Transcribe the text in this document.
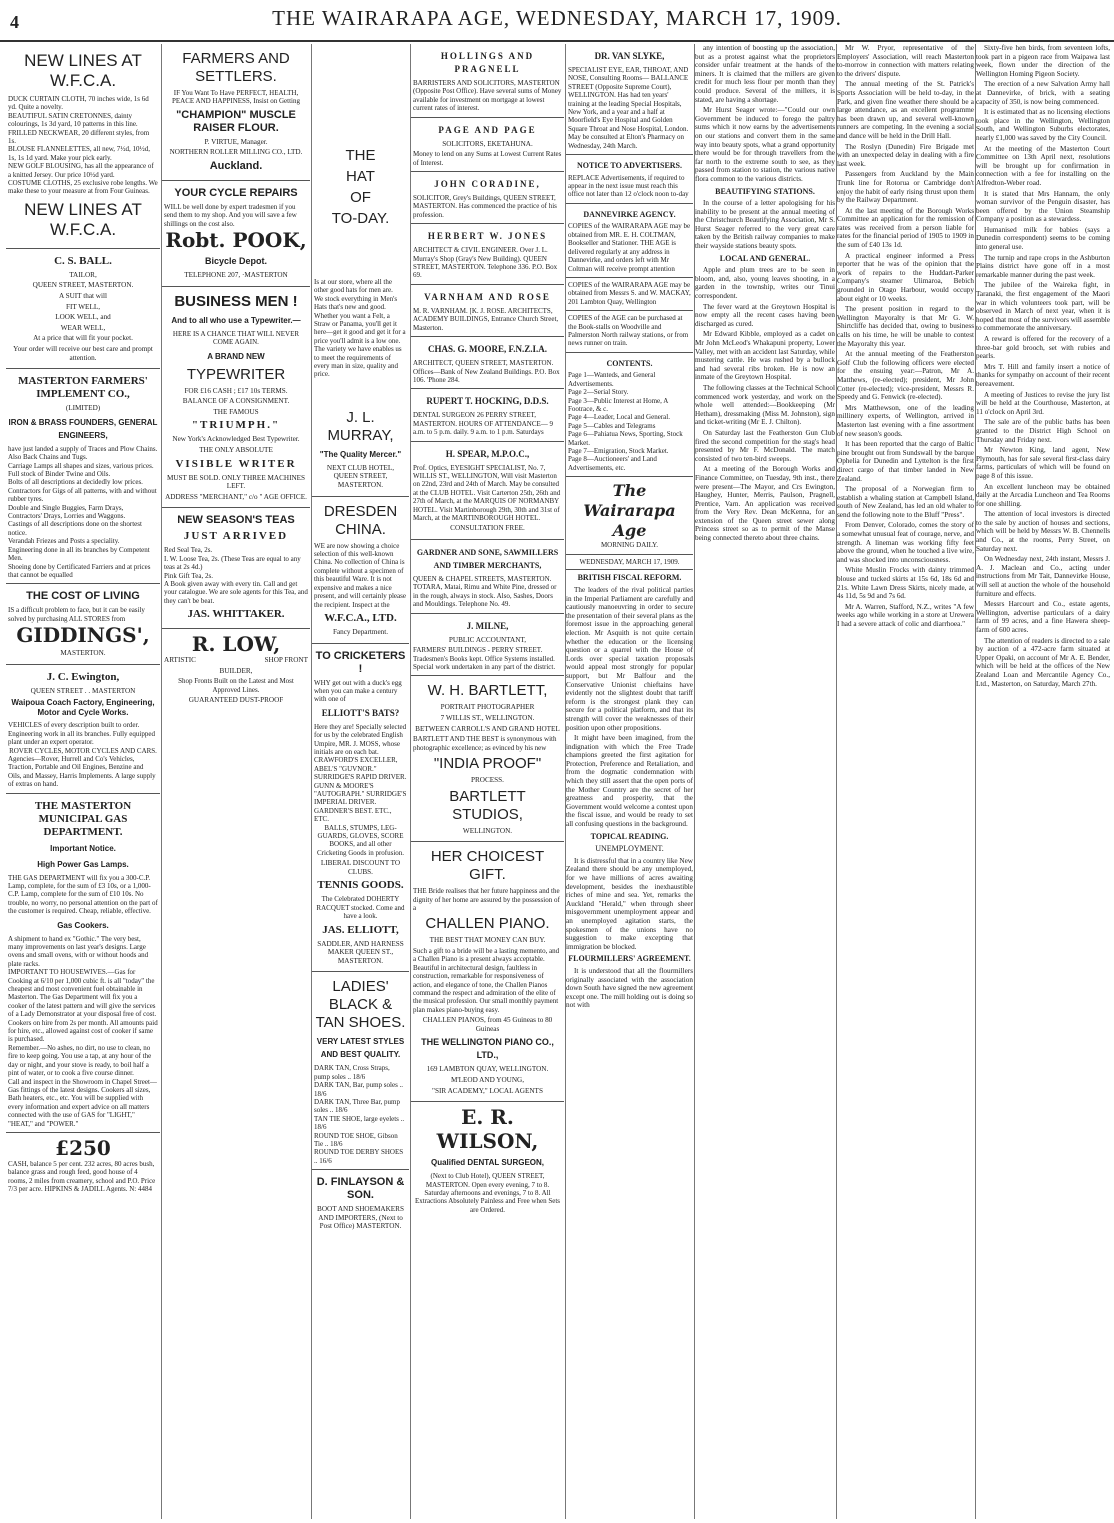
4	THE WAIRARAPA AGE, WEDNESDAY, MARCH 17, 1909.
NEW LINES AT W.F.C.A.
DUCK CURTAIN CLOTH, 70 inches wide, 1s 6d yd. Quite a novelty.
BEAUTIFUL SATIN CRETONNES, dainty colourings, 1s 3d yard, 10 patterns in this line.
FRILLED NECKWEAR, 20 different styles, from 1s.
BLOUSE FLANNELETTES, all new, 7½d, 10½d, 1s, 1s 1d yard. Make your pick early.
NEW GOLF BLOUSING, has all the appearance of a knitted Jersey. Our price 10½d yard.
COSTUME CLOTHS, 25 exclusive robe lengths. We make these to your measure at from Four Guineas.
NEW LINES AT W.F.C.A.
C. S. BALL.

TAILOR,

QUEEN STREET, MASTERTON.

A SUIT that will

FIT WELL,

LOOK WELL, and

WEAR WELL,

At a price that will fit your pocket.

Your order will receive our best care and prompt attention.

MASTERTON FARMERS' IMPLEMENT CO.,

(LIMITED)

IRON & BRASS FOUNDERS, GENERAL ENGINEERS,
have just landed a supply of Traces and Plow Chains. Also Back Chains and Tugs.
Carriage Lamps all shapes and sizes, various prices.
Full stock of Binder Twine and Oils.
Bolts of all descriptions at decidedly low prices.
Contractors for Gigs of all patterns, with and without rubber tyres.
Double and Single Buggies, Farm Drays, Contractors' Drays, Lorries and Waggons.
Castings of all descriptions done on the shortest notice.
Verandah Friezes and Posts a speciality.
Engineering done in all its branches by Competent Men.
Shoeing done by Certificated Farriers and at prices that cannot be equalled
THE COST OF LIVING
IS a difficult problem to face, but it can be easily solved by purchasing ALL STORES from
GIDDINGS',

MASTERTON.

J. C. Ewington,

QUEEN STREET . . MASTERTON

Waipoua Coach Factory, Engineering, Motor and Cycle Works.
VEHICLES of every description built to order. Engineering work in all its branches. Fully equipped plant under an expert operator.
ROVER CYCLES, MOTOR CYCLES AND CARS.
Agencies—Rover, Hurrell and Co's Vehicles, Traction, Portable and Oil Engines, Benzine and Oils, and Massey, Harris Implements. A large supply of extras on hand.
THE MASTERTON MUNICIPAL GAS DEPARTMENT.
Important Notice.
High Power Gas Lamps.
THE GAS DEPARTMENT will fix you a 300-C.P. Lamp, complete, for the sum of £3 10s, or a 1,000-C.P. Lamp, complete for the sum of £10 10s. No trouble, no worry, no personal attention on the part of the customer is required. Cheap, reliable, effective.
Gas Cookers.
A shipment to hand ex "Gothic." The very best, many improvements on last year's designs. Large ovens and small ovens, with or without hoods and plate racks.
IMPORTANT TO HOUSEWIVES.—Gas for Cooking at 6/10 per 1,000 cubic ft. is all "today" the cheapest and most convenient fuel obtainable in Masterton. The Gas Department will fix you a cooker of the latest pattern and will give the services of a Lady Demonstrator at your disposal free of cost. Cookers on hire from 2s per month. All amounts paid for hire, etc., allowed against cost of cooker if same is purchased.
Remember.—No ashes, no dirt, no use to clean, no fire to keep going. You use a tap, at any hour of the day or night, and your stove is ready, to boil half a pint of water, or to cook a five course dinner.
Call and inspect in the Showroom in Chapel Street—Gas fittings of the latest designs. Cookers all sizes, Bath heaters, etc., etc. You will be supplied with every information and expert advice on all matters connected with the use of GAS for "LIGHT," "HEAT," and "POWER."
£250
CASH, balance 5 per cent. 232 acres, 80 acres bush, balance grass and rough feed, good house of 4 rooms, 2 miles from creamery, school and P.O. Price 7/3 per acre. HIPKINS & JADILL Agents. N: 4484
FARMERS AND SETTLERS.
IF You Want To Have PERFECT, HEALTH, PEACE AND HAPPINESS, Insist on Getting
"CHAMPION" MUSCLE RAISER FLOUR.

P. VIRTUE, Manager.

NORTHERN ROLLER MILLING CO., LTD.

Auckland.
YOUR CYCLE REPAIRS
WILL be well done by expert tradesmen if you send them to my shop. And you will save a few shillings on the cost also.
Robt. POOK,
Bicycle Depot.

TELEPHONE 207, ·MASTERTON

BUSINESS MEN !
And to all who use a Typewriter.—
HERE IS A CHANCE THAT WILL NEVER COME AGAIN.
A BRAND NEW
TYPEWRITER

FOR £16 CASH ; £17 10s TERMS.

BALANCE OF A CONSIGNMENT.

THE FAMOUS

"TRIUMPH."

New York's Acknowledged Best Typewriter.

THE ONLY ABSOLUTE

VISIBLE WRITER

MUST BE SOLD. ONLY THREE MACHINES LEFT.

ADDRESS "MERCHANT," c/o " AGE OFFICE.

NEW SEASON'S TEAS
JUST ARRIVED
Red Seal Tea, 2s.
I. W. Loose Tea, 2s. (These Teas are equal to any teas at 2s 4d.)
Pink Gift Tea, 2s.
A Book given away with every tin. Call and get your catalogue. We are sole agents for this Tea, and they can't be beat.
JAS. WHITTAKER.
R. LOW,
ARTISTIC	SHOP FRONT

BUILDER,

Shop Fronts Built on the Latest and Most Approved Lines.

GUARANTEED DUST-PROOF

THE
HAT
OF
TO-DAY.
Is at our store, where all the other good hats for men are.
We stock everything in Men's Hats that's new and good.
Whether you want a Felt, a Straw or Panama, you'll get it here—get it good and get it for a price you'll admit is a low one.
The variety we have enables us to meet the requirements of every man in size, quality and price.
J. L. MURRAY,
"The Quality Mercer."

NEXT CLUB HOTEL, QUEEN STREET, MASTERTON.

DRESDEN CHINA.
WE are now showing a choice selection of this well-known China. No collection of China is complete without a specimen of this beautiful Ware. It is not expensive and makes a nice present, and will certainly please the recipient. Inspect at the
W.F.C.A., LTD.

Fancy Department.

TO CRICKETERS !
WHY get out with a duck's egg when you can make a century with one of
ELLIOTT'S BATS?
Here they are! Specially selected for us by the celebrated English Umpire, MR. J. MOSS, whose initials are on each bat. CRAWFORD'S EXCELLER, ABEL'S "GUVNOR." SURRIDGE'S RAPID DRIVER. GUNN & MOORE'S "AUTOGRAPH." SURRIDGE'S IMPERIAL DRIVER. GARDNER'S BEST. ETC., ETC.
BALLS, STUMPS, LEG-GUARDS, GLOVES, SCORE BOOKS, and all other Cricketing Goods in profusion.

LIBERAL DISCOUNT TO CLUBS.

TENNIS GOODS.
The Celebrated DOHERTY RACQUET stocked. Come and have a look.
JAS. ELLIOTT,

SADDLER, AND HARNESS MAKER QUEEN ST., MASTERTON.

LADIES' BLACK & TAN SHOES.
VERY LATEST STYLES AND BEST QUALITY.
DARK TAN, Cross Straps, pump soles .. 18/6
DARK TAN, Bar, pump soles .. 18/6
DARK TAN, Three Bar, pump soles .. 18/6
TAN TIE SHOE, large eyelets .. 18/6
ROUND TOE SHOE, Gibson Tie .. 18/6
ROUND TOE DERBY SHOES .. 16/6
D. FINLAYSON & SON.

BOOT AND SHOEMAKERS AND IMPORTERS, (Next to Post Office) MASTERTON.

HOLLINGS AND PRAGNELL
BARRISTERS AND SOLICITORS, MASTERTON (Opposite Post Office). Have several sums of Money available for investment on mortgage at lowest current rates of interest.
PAGE AND PAGE

SOLICITORS, EKETAHUNA.

Money to lend on any Sums at Lowest Current Rates of Interest.
JOHN CORADINE,
SOLICITOR, Grey's Buildings, QUEEN STREET, MASTERTON. Has commenced the practice of his profession.
HERBERT W. JONES
ARCHITECT & CIVIL ENGINEER. Over J. L. Murray's Shop (Gray's New Building). QUEEN STREET, MASTERTON. Telephone 336. P.O. Box 69.
VARNHAM AND ROSE
M. R. VARNHAM. [K. J. ROSE. ARCHITECTS, ACADEMY BUILDINGS, Entrance Church Street, Masterton.
CHAS. G. MOORE, F.N.Z.I.A.
ARCHITECT, QUEEN STREET, MASTERTON. Offices—Bank of New Zealand Buildings. P.O. Box 106. 'Phone 284.
RUPERT T. HOCKING, D.D.S.
DENTAL SURGEON 26 PERRY STREET, MASTERTON. HOURS OF ATTENDANCE— 9 a.m. to 5 p.m. daily. 9 a.m. to 1 p.m. Saturdays
H. SPEAR, M.P.O.C.,
Prof. Optics, EYESIGHT SPECIALIST, No. 7, WILLIS ST., WELLINGTON, Will visit Masterton on 22nd, 23rd and 24th of March. May be consulted at the CLUB HOTEL. Visit Carterton 25th, 26th and 27th of March, at the MARQUIS OF NORMANBY HOTEL. Visit Martinborough 29th, 30th and 31st of March, at the MARTINBOROUGH HOTEL.

CONSULTATION FREE.

GARDNER AND SONE, SAWMILLERS AND TIMBER MERCHANTS,
QUEEN & CHAPEL STREETS, MASTERTON. TOTARA, Matai, Rimu and White Pine, dressed or in the rough, always in stock. Also, Sashes, Doors and Mouldings. Telephone No. 49.
J. MILNE,

PUBLIC ACCOUNTANT,

FARMERS' BUILDINGS - PERRY STREET. Tradesmen's Books kept. Office Systems installed. Special work undertaken in any part of the district.
W. H. BARTLETT,

PORTRAIT PHOTOGRAPHER

7 WILLIS ST., WELLINGTON.

BETWEEN CARROLL'S AND GRAND HOTEL

BARTLETT AND THE BEST is synonymous with photographic excellence; as evinced by his new
"INDIA PROOF"

PROCESS.

BARTLETT STUDIOS,

WELLINGTON.

HER CHOICEST GIFT.
THE Bride realises that her future happiness and the dignity of her home are assured by the possession of a
CHALLEN PIANO.

THE BEST THAT MONEY CAN BUY.

Such a gift to a bride will be a lasting memento, and a Challen Piano is a present always acceptable. Beautiful in architectural design, faultless in construction, remarkable for responsiveness of action, and elegance of tone, the Challen Pianos command the respect and admiration of the elite of the musical profession. Our small monthly payment plan makes piano-buying easy.

CHALLEN PIANOS, from 45 Guineas to 80 Guineas

THE WELLINGTON PIANO CO., LTD.,

169 LAMBTON QUAY, WELLINGTON.

M'LEOD AND YOUNG,

"SIR ACADEMY," LOCAL AGENTS

E. R. WILSON,
Qualified DENTAL SURGEON,
(Next to Club Hotel), QUEEN STREET, MASTERTON. Open every evening, 7 to 8. Saturday afternoons and evenings, 7 to 8. All Extractions Absolutely Painless and Free when Sets are Ordered.
DR. VAN SLYKE,
SPECIALIST EYE, EAR, THROAT, AND NOSE, Consulting Rooms— BALLANCE STREET (Opposite Supreme Court), WELLINGTON. Has had ten years' training at the leading Special Hospitals, New York, and a year and a half at Moorfield's Eye Hospital and Golden Square Throat and Nose Hospital, London. May be consulted at Elton's Pharmacy on Wednesday, 24th March.
NOTICE TO ADVERTISERS.
REPLACE Advertisements, if required to appear in the next issue must reach this office not later than 12 o'clock noon to-day
DANNEVIRKE AGENCY.
COPIES of the WAIRARAPA AGE may be obtained from MR. E. H. COLTMAN, Bookseller and Stationer. THE AGE is delivered regularly at any address in Dannevirke, and orders left with Mr Coltman will receive prompt attention
COPIES of the WAIRARAPA AGE may be obtained from Messrs S. and W. MACKAY, 201 Lambton Quay, Wellington
COPIES of the AGE can be purchased at the Book-stalls on Woodville and Palmerston North railway stations, or from news runner on train.
CONTENTS.
Page 1—Wanteds, and General Advertisements.
Page 2—Serial Story.
Page 3—Public Interest at Home, A Footrace, & c.
Page 4—Leader, Local and General.
Page 5—Cables and Telegrams
Page 6—Pahiatua News, Sporting, Stock Market.
Page 7—Emigration, Stock Market.
Page 8—Auctioneers' and Land Advertisements, etc.
The Wairarapa Age
MORNING DAILY.
WEDNESDAY, MARCH 17, 1909.
BRITISH FISCAL REFORM.

The leaders of the rival political parties in the Imperial Parliament are carefully and cautiously manoeuvring in order to secure the presentation of their several plans as the foremost issue in the approaching general election. Mr Asquith is not quite certain whether the education or the licensing question or a quarrel with the House of Lords over special taxation proposals would appeal most strongly for popular support, but Mr Balfour and the Conservative Unionist chieftains have evidently not the slightest doubt that tariff reform is the strongest plank they can secure for a political platform, and that its strength will cover the weaknesses of their position upon other propositions.

It might have been imagined, from the indignation with which the Free Trade champions greeted the first agitation for Protection, Preference and Retaliation, and from the dogmatic condemnation with which they still assert that the open ports of the Mother Country are the secret of her greatness and prosperity, that the Government would welcome a contest upon the fiscal issue, and would be ready to set all confusing questions in the background.

TOPICAL READING.
UNEMPLOYMENT.

It is distressful that in a country like New Zealand there should be any unemployed, for we have millions of acres awaiting development, besides the inexhaustible riches of mine and sea. Yet, remarks the Auckland "Herald," when through sheer misgovernment unemployment appear and an unemployed agitation starts, the spokesmen of the unions have no suggestion to make excepting that immigration be blocked.

FLOURMILLERS' AGREEMENT.

It is understood that all the flourmillers originally associated with the association down South have signed the new agreement except one. The mill holding out is doing so not with

any intention of boosting up the association, but as a protest against what the proprietors consider unfair treatment at the hands of the miners. It is claimed that the millers are given credit for much less flour per month than they could produce. Several of the millers, it is stated, are having a shortage.

Mr Hurst Seager wrote:—"Could our own Government be induced to forego the paltry sums which it now earns by the advertisements on our stations and convert them in the same way into beauty spots, what a grand opportunity there would be for through travellers from the far north to the extreme south to see, as they passed from station to station, the various native flora common to the various districts.

BEAUTIFYING STATIONS.

In the course of a letter apologising for his inability to be present at the annual meeting of the Christchurch Beautifying Association, Mr S. Hurst Seager referred to the very great care taken by the British railway companies to make their wayside stations beauty spots.

LOCAL AND GENERAL.

Apple and plum trees are to be seen in bloom, and, also, young leaves shooting, in a garden in the township, writes our Tinui correspondent.

The fever ward at the Greytown Hospital is now empty all the recent cases having been discharged as cured.

Mr Edward Kibble, employed as a cadet on Mr John McLeod's Whakapuni property, Lower Valley, met with an accident last Saturday, while mustering cattle. He was rushed by a bullock and had several ribs broken. He is now an inmate of the Greytown Hospital.

The following classes at the Technical School commenced work yesterday, and work on the whole well attended:—Bookkeeping (Mr Hetham), dressmaking (Miss M. Johnston), sign and ticket-writing (Mr E. J. Chilton).

On Saturday last the Featherston Gun Club fired the second competition for the stag's head presented by Mr F. McDonald. The match consisted of two ten-bird sweeps.

At a meeting of the Borough Works and Finance Committee, on Tuesday, 9th inst., there were present—The Mayor, and Crs Ewington, Haughey, Hunter, Merris, Paulson, Pragnell, Prentice, Varn. An application was received from the Very Rev. Dean McKenna, for an extension of the Queen street sewer along Princess street so as to permit of the Manse being connected thereto about three chains.

Mr W. Pryor, representative of the Employers' Association, will reach Masterton to-morrow in connection with matters relating to the drivers' dispute.

The annual meeting of the St. Patrick's Sports Association will be held to-day, in the Park, and given fine weather there should be a large attendance, as an excellent programme has been drawn up, and several well-known runners are competing. In the evening a social and dance will be held in the Drill Hall.

The Roslyn (Dunedin) Fire Brigade met with an unexpected delay in dealing with a fire last week.

Passengers from Auckland by the Main Trunk line for Rotorua or Cambridge don't enjoy the habit of early rising thrust upon them by the Railway Department.

At the last meeting of the Borough Works Committee an application for the remission of rates was received from a person liable for rates for the financial period of 1905 to 1909 in the sum of £40 13s 1d.

A practical engineer informed a Press reporter that he was of the opinion that the work of repairs to the Huddart-Parker Company's steamer Ulimaroa, Bebich grounded in Otago Harbour, would occupy about eight or 10 weeks.

The present position in regard to the Wellington Mayoralty is that Mr G. W. Shirtcliffe has decided that, owing to business calls on his time, he will be unable to contest the Mayoralty this year.

At the annual meeting of the Featherston Golf Club the following officers were elected for the ensuing year:—Patron, Mr A. Matthews, (re-elected); president, Mr John Cotter (re-elected); vice-president, Messrs R. Speedy and G. Fenwick (re-elected).

Mrs Matthewson, one of the leading millinery experts, of Wellington, arrived in Masterton last evening with a fine assortment of new season's goods.

It has been reported that the cargo of Baltic pine brought out from Sundswall by the barque Ophelia for Dunedin and Lyttelton is the first direct cargo of that timber landed in New Zealand.

The proposal of a Norwegian firm to establish a whaling station at Campbell Island, south of New Zealand, has led an old whaler to send the following note to the Bluff "Press".

From Denver, Colorado, comes the story of a somewhat unusual feat of courage, nerve, and strength. A lineman was working fifty feet above the ground, when he touched a live wire, and was shocked into unconsciousness.

White Muslin Frocks with dainty trimmed blouse and tucked skirts at 15s 6d, 18s 6d and 21s. White Lawn Dress Skirts, nicely made, at 4s 11d, 5s 9d and 7s 6d.

Mr A. Warren, Stafford, N.Z., writes "A few weeks ago while working in a store at Urewera I had a severe attack of colic and diarrhoea."

Sixty-five hen birds, from seventeen lofts, took part in a pigeon race from Waipawa last week, flown under the direction of the Wellington Homing Pigeon Society.

The erection of a new Salvation Army hall at Dannevirke, of brick, with a seating capacity of 350, is now being commenced.

It is estimated that as no licensing elections took place in the Wellington, Wellington South, and Wellington Suburbs electorates, nearly £1,000 was saved by the City Council.

At the meeting of the Masterton Court Committee on 13th April next, resolutions will be brought up for confirmation in connection with a fee for installing on the Alfredton-Weber road.

It is stated that Mrs Hannam, the only woman survivor of the Penguin disaster, has been offered by the Union Steamship Company a position as a stewardess.

Humanised milk for babies (says a Dunedin correspondent) seems to be coming into general use.

The turnip and rape crops in the Ashburton Plains district have gone off in a most remarkable manner during the past week.

The jubilee of the Waireka fight, in Taranaki, the first engagement of the Maori war in which volunteers took part, will be observed in March of next year, when it is hoped that most of the survivors will assemble to commemorate the anniversary.

A reward is offered for the recovery of a three-bar gold brooch, set with rubies and pearls.

Mrs T. Hill and family insert a notice of thanks for sympathy on account of their recent bereavement.

A meeting of Justices to revise the jury list will be held at the Courthouse, Masterton, at 11 o'clock on April 3rd.

The sale are of the public baths has been granted to the District High School on Thursday and Friday next.

Mr Newton King, land agent, New Plymouth, has for sale several first-class dairy farms, particulars of which will be found on page 8 of this issue.

An excellent luncheon may be obtained daily at the Arcadia Luncheon and Tea Rooms for one shilling.

The attention of local investors is directed to the sale by auction of houses and sections, which will be held by Messrs W. B. Chennells and Co., at the rooms, Perry Street, on Saturday next.

On Wednesday next, 24th instant, Messrs J. A. J. Maclean and Co., acting under instructions from Mr Tait, Dannevirke House, will sell at auction the whole of the household furniture and effects.

Messrs Harcourt and Co., estate agents, Wellington, advertise particulars of a dairy farm of 99 acres, and a fine Hawera sheep-farm of 600 acres.

The attention of readers is directed to a sale by auction of a 472-acre farm situated at Upper Opaki, on account of Mr A. E. Bender, which will be held at the offices of the New Zealand Loan and Mercantile Agency Co., Ltd., Masterton, on Saturday, March 27th.
